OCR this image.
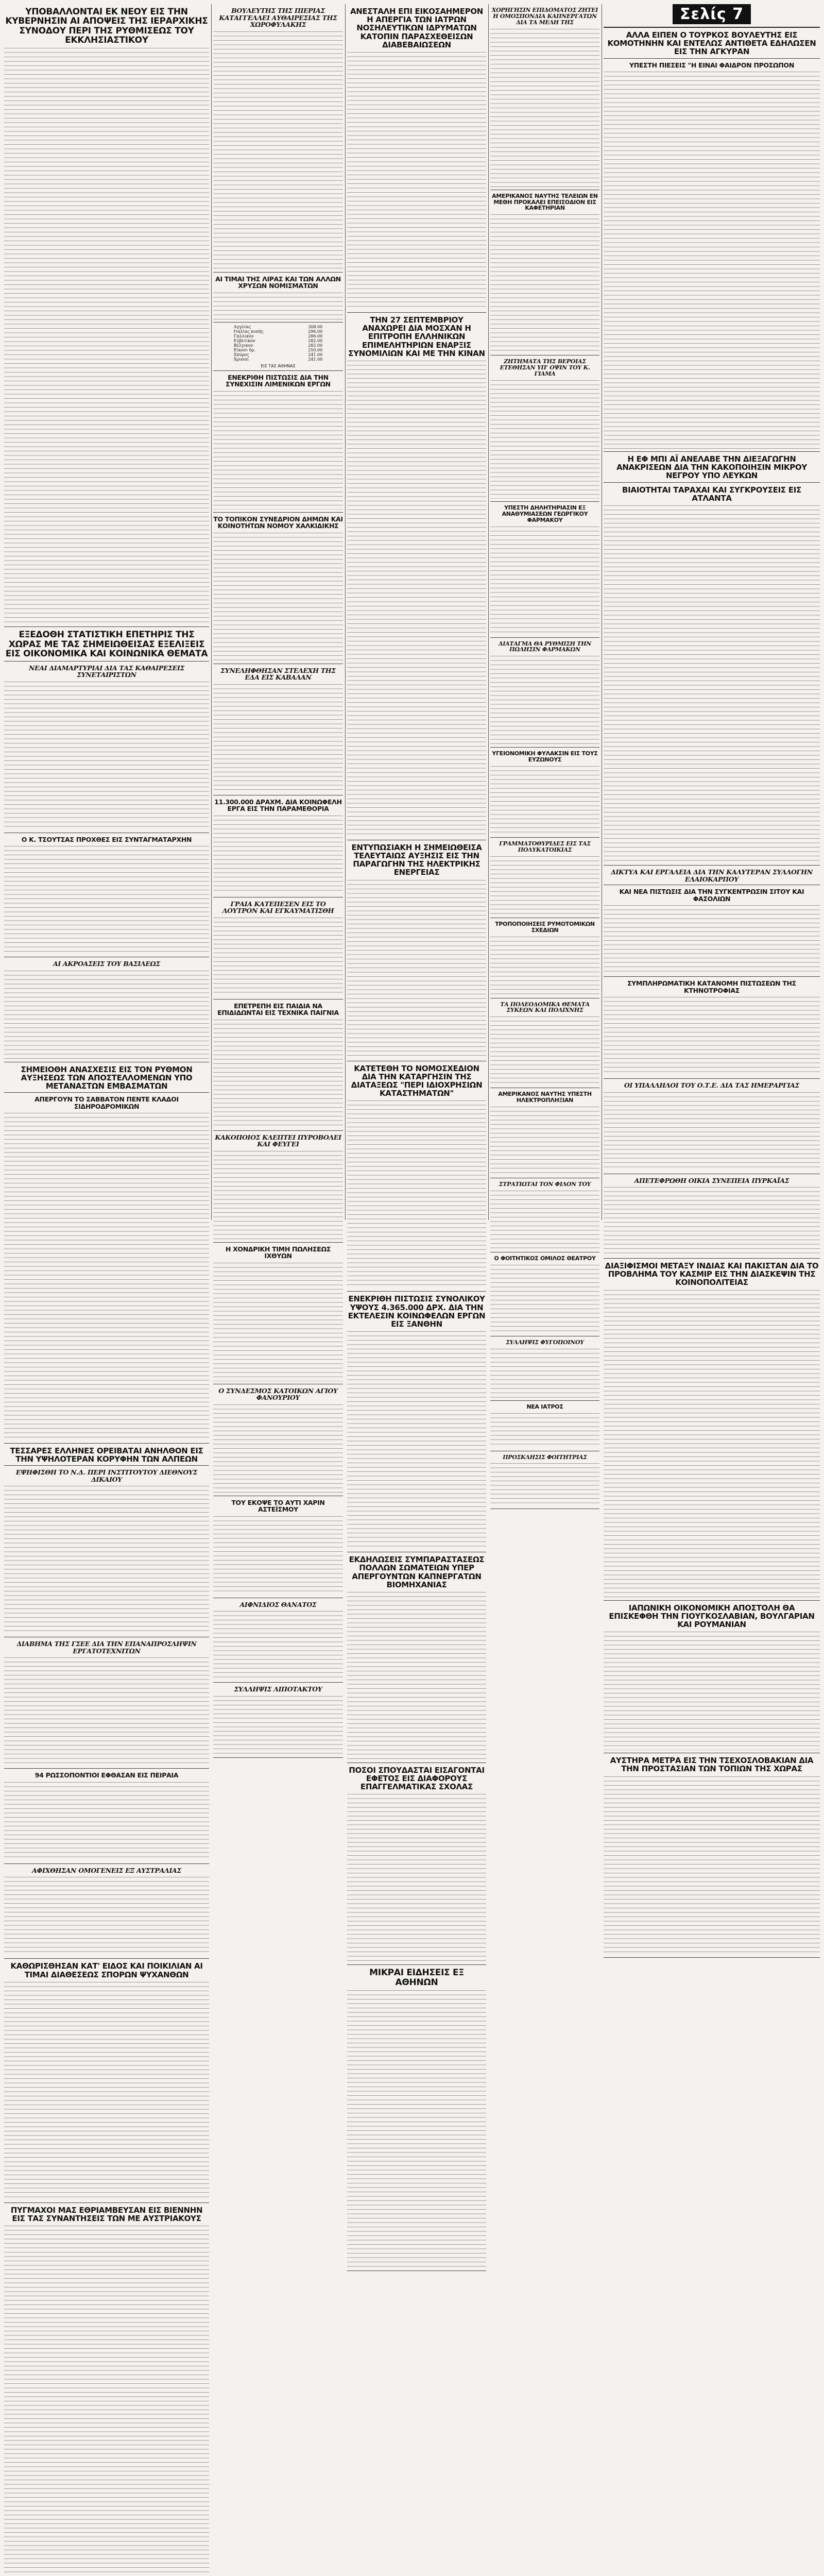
ΥΠΟΒΑΛΛΟΝΤΑΙ ΕΚ ΝΕΟΥ ΕΙΣ ΤΗΝ ΚΥΒΕΡΝΗΣΙΝ ΑΙ ΑΠΟΨΕΙΣ ΤΗΣ ΙΕΡΑΡΧΙΚΗΣ ΣΥΝΟΔΟΥ ΠΕΡΙ ΤΗΣ ΡΥΘΜΙΣΕΩΣ ΤΟΥ ΕΚΚΛΗΣΙΑΣΤΙΚΟΥ
ΕΞΕΔΟΘΗ ΣΤΑΤΙΣΤΙΚΗ ΕΠΕΤΗΡΙΣ ΤΗΣ ΧΩΡΑΣ ΜΕ ΤΑΣ ΣΗΜΕΙΩΘΕΙΣΑΣ ΕΞΕΛΙΞΕΙΣ ΕΙΣ ΟΙΚΟΝΟΜΙΚΑ ΚΑΙ ΚΟΙΝΩΝΙΚΑ ΘΕΜΑΤΑ
ΝΕΑΙ ΔΙΑΜΑΡΤΥΡΙΑΙ ΔΙΑ ΤΑΣ ΚΑΘΑΙΡΕΣΕΙΣ ΣΥΝΕΤΑΙΡΙΣΤΩΝ
Ο Κ. ΤΣΟΥΤΣΑΣ ΠΡΟΧΘΕΣ ΕΙΣ ΣΥΝΤΑΓΜΑΤΑΡΧΗΝ
ΑΙ ΑΚΡΟΑΣΕΙΣ ΤΟΥ ΒΑΣΙΛΕΩΣ
ΣΗΜΕΙΟΘΗ ΑΝΑΣΧΕΣΙΣ ΕΙΣ ΤΟΝ ΡΥΘΜΟΝ ΑΥΞΗΣΕΩΣ ΤΩΝ ΑΠΟΣΤΕΛΛΟΜΕΝΩΝ ΥΠΟ ΜΕΤΑΝΑΣΤΩΝ ΕΜΒΑΣΜΑΤΩΝ
ΑΠΕΡΓΟΥΝ ΤΟ ΣΑΒΒΑΤΟΝ ΠΕΝΤΕ ΚΛΑΔΟΙ ΣΙΔΗΡΟΔΡΟΜΙΚΩΝ
ΤΕΣΣΑΡΕΣ ΕΛΛΗΝΕΣ ΟΡΕΙΒΑΤΑΙ ΑΝΗΛΘΟΝ ΕΙΣ ΤΗΝ ΥΨΗΛΟΤΕΡΑΝ ΚΟΡΥΦΗΝ ΤΩΝ ΑΛΠΕΩΝ
ΕΨΗΦΙΣΘΗ ΤΟ Ν.Δ. ΠΕΡΙ ΙΝΣΤΙΤΟΥΤΟΥ ΔΙΕΘΝΟΥΣ ΔΙΚΑΙΟΥ
ΔΙΑΒΗΜΑ ΤΗΣ ΓΣΕΕ ΔΙΑ ΤΗΝ ΕΠΑΝΑΠΡΟΣΛΗΨΙΝ ΕΡΓΑΤΟΤΕΧΝΙΤΩΝ
94 ΡΩΣΣΟΠΟΝΤΙΟΙ ΕΦΘΑΣΑΝ ΕΙΣ ΠΕΙΡΑΙΑ
ΑΦΙΧΘΗΣΑΝ ΟΜΟΓΕΝΕΙΣ ΕΞ ΑΥΣΤΡΑΛΙΑΣ
ΚΑΘΩΡΙΣΘΗΣΑΝ ΚΑΤ' ΕΙΔΟΣ ΚΑΙ ΠΟΙΚΙΛΙΑΝ ΑΙ ΤΙΜΑΙ ΔΙΑΘΕΣΕΩΣ ΣΠΟΡΩΝ ΨΥΧΑΝΘΩΝ
ΠΥΓΜΑΧΟΙ ΜΑΣ ΕΘΡΙΑΜΒΕΥΣΑΝ ΕΙΣ ΒΙΕΝΝΗΝ ΕΙΣ ΤΑΣ ΣΥΝΑΝΤΗΣΕΙΣ ΤΩΝ ΜΕ ΑΥΣΤΡΙΑΚΟΥΣ
ΒΟΥΛΕΥΤΗΣ ΤΗΣ ΠΙΕΡΙΑΣ ΚΑΤΑΓΓΕΛΛΕΙ ΑΥΘΑΙΡΕΣΙΑΣ ΤΗΣ ΧΩΡΟΦΥΛΑΚΗΣ
ΑΙ ΤΙΜΑΙ ΤΗΣ ΛΙΡΑΣ ΚΑΙ ΤΩΝ ΑΛΛΩΝ ΧΡΥΣΩΝ ΝΟΜΙΣΜΑΤΩΝ
Αγγλίας	308.00
Ιταλίας κοπής	296.00
Γαλλικόν	286.00
Ελβετικόν	282.00
Βέλγικον	282.00
Είκοσι δρ.	250.00
Σκύρος	241.00
Χρυσαί	241.00
ΕΙΣ ΤΑΣ ΑΘΗΝΑΣ
ΕΝΕΚΡΙΘΗ ΠΙΣΤΩΣΙΣ ΔΙΑ ΤΗΝ ΣΥΝΕΧΙΣΙΝ ΛΙΜΕΝΙΚΩΝ ΕΡΓΩΝ
ΤΟ ΤΟΠΙΚΟΝ ΣΥΝΕΔΡΙΟΝ ΔΗΜΩΝ ΚΑΙ ΚΟΙΝΟΤΗΤΩΝ ΝΟΜΟΥ ΧΑΛΚΙΔΙΚΗΣ
ΣΥΝΕΛΗΦΘΗΣΑΝ ΣΤΕΛΕΧΗ ΤΗΣ ΕΔΑ ΕΙΣ ΚΑΒΑΛΑΝ
11.300.000 ΔΡΑΧΜ. ΔΙΑ ΚΟΙΝΩΦΕΛΗ ΕΡΓΑ ΕΙΣ ΤΗΝ ΠΑΡΑΜΕΘΟΡΙΑ
ΓΡΑΙΑ ΚΑΤΕΠΕΣΕΝ ΕΙΣ ΤΟ ΛΟΥΤΡΟΝ ΚΑΙ ΕΓΚΑΥΜΑΤΙΣΘΗ
ΕΠΕΤΡΕΠΗ ΕΙΣ ΠΑΙΔΙΑ ΝΑ ΕΠΙΔΙΔΩΝΤΑΙ ΕΙΣ ΤΕΧΝΙΚΑ ΠΑΙΓΝΙΑ
ΚΑΚΟΠΟΙΟΣ ΚΛΕΠΤΕΙ ΠΥΡΟΒΟΛΕΙ ΚΑΙ ΦΕΥΓΕΙ
Η ΧΟΝΔΡΙΚΗ ΤΙΜΗ ΠΩΛΗΣΕΩΣ ΙΧΘΥΩΝ
Ο ΣΥΝΔΕΣΜΟΣ ΚΑΤΟΙΚΩΝ ΑΓΙΟΥ ΦΑΝΟΥΡΙΟΥ
ΤΟΥ ΕΚΟΨΕ ΤΟ ΑΥΤΙ ΧΑΡΙΝ ΑΣΤΕΪΣΜΟΥ
ΑΙΦΝΙΔΙΟΣ ΘΑΝΑΤΟΣ
ΣΥΛΛΗΨΙΣ ΛΙΠΟΤΑΚΤΟΥ
ΑΝΕΣΤΑΛΗ ΕΠΙ ΕΙΚΟΣΑΗΜΕΡΟΝ Η ΑΠΕΡΓΙΑ ΤΩΝ ΙΑΤΡΩΝ ΝΟΣΗΛΕΥΤΙΚΩΝ ΙΔΡΥΜΑΤΩΝ ΚΑΤΟΠΙΝ ΠΑΡΑΣΧΕΘΕΙΣΩΝ ΔΙΑΒΕΒΑΙΩΣΕΩΝ
ΤΗΝ 27 ΣΕΠΤΕΜΒΡΙΟΥ ΑΝΑΧΩΡΕΙ ΔΙΑ ΜΟΣΧΑΝ Η ΕΠΙΤΡΟΠΗ ΕΛΛΗΝΙΚΩΝ ΕΠΙΜΕΛΗΤΗΡΙΩΝ ΕΝΑΡΞΙΣ ΣΥΝΟΜΙΛΙΩΝ ΚΑΙ ΜΕ ΤΗΝ ΚΙΝΑΝ
ΕΝΤΥΠΩΣΙΑΚΗ Η ΣΗΜΕΙΩΘΕΙΣΑ ΤΕΛΕΥΤΑΙΩΣ ΑΥΞΗΣΙΣ ΕΙΣ ΤΗΝ ΠΑΡΑΓΩΓΗΝ ΤΗΣ ΗΛΕΚΤΡΙΚΗΣ ΕΝΕΡΓΕΙΑΣ
ΚΑΤΕΤΕΘΗ ΤΟ ΝΟΜΟΣΧΕΔΙΟΝ ΔΙΑ ΤΗΝ ΚΑΤΑΡΓΗΣΙΝ ΤΗΣ ΔΙΑΤΑΞΕΩΣ "ΠΕΡΙ ΙΔΙΟΧΡΗΣΙΩΝ ΚΑΤΑΣΤΗΜΑΤΩΝ"
ΕΝΕΚΡΙΘΗ ΠΙΣΤΩΣΙΣ ΣΥΝΟΛΙΚΟΥ ΥΨΟΥΣ 4.365.000 ΔΡΧ. ΔΙΑ ΤΗΝ ΕΚΤΕΛΕΣΙΝ ΚΟΙΝΩΦΕΛΩΝ ΕΡΓΩΝ ΕΙΣ ΞΑΝΘΗΝ
ΕΚΔΗΛΩΣΕΙΣ ΣΥΜΠΑΡΑΣΤΑΣΕΩΣ ΠΟΛΛΩΝ ΣΩΜΑΤΕΙΩΝ ΥΠΕΡ ΑΠΕΡΓΟΥΝΤΩΝ ΚΑΠΝΕΡΓΑΤΩΝ ΒΙΟΜΗΧΑΝΙΑΣ
ΠΟΣΟΙ ΣΠΟΥΔΑΣΤΑΙ ΕΙΣΑΓΟΝΤΑΙ ΕΦΕΤΟΣ ΕΙΣ ΔΙΑΦΟΡΟΥΣ ΕΠΑΓΓΕΛΜΑΤΙΚΑΣ ΣΧΟΛΑΣ
ΜΙΚΡΑΙ ΕΙΔΗΣΕΙΣ ΕΞ ΑΘΗΝΩΝ
ΧΟΡΗΓΗΣΙΝ ΕΠΙΔΟΜΑΤΟΣ ΖΗΤΕΙ Η ΟΜΟΣΠΟΝΔΙΑ ΚΑΠΝΕΡΓΑΤΩΝ ΔΙΑ ΤΑ ΜΕΛΗ ΤΗΣ
ΑΜΕΡΙΚΑΝΟΣ ΝΑΥΤΗΣ ΤΕΛΕΙΩΝ ΕΝ ΜΕΘΗ ΠΡΟΚΑΛΕΙ ΕΠΕΙΣΟΔΙΟΝ ΕΙΣ ΚΑΦΕΤΗΡΙΑΝ
ΖΗΤΗΜΑΤΑ ΤΗΣ ΒΕΡΟΙΑΣ ΕΤΕΘΗΣΑΝ ΥΠ' ΟΨΙΝ ΤΟΥ Κ. ΓΙΑΜΑ
ΥΠΕΣΤΗ ΔΗΛΗΤΗΡΙΑΣΙΝ ΕΞ ΑΝΑΘΥΜΙΑΣΕΩΝ ΓΕΩΡΓΙΚΟΥ ΦΑΡΜΑΚΟΥ
ΔΙΑΤΑΓΜΑ ΘΑ ΡΥΘΜΙΣΗ ΤΗΝ ΠΩΛΗΣΙΝ ΦΑΡΜΑΚΩΝ
ΥΓΕΙΟΝΟΜΙΚΗ ΦΥΛΑΚΣΙΝ ΕΙΣ ΤΟΥΣ ΕΥΖΩΝΟΥΣ
ΓΡΑΜΜΑΤΟΘΥΡΙΔΕΣ ΕΙΣ ΤΑΣ ΠΟΛΥΚΑΤΟΙΚΙΑΣ
ΤΡΟΠΟΠΟΙΗΣΕΙΣ ΡΥΜΟΤΟΜΙΚΩΝ ΣΧΕΔΙΩΝ
ΤΑ ΠΟΛΕΟΔΟΜΙΚΑ ΘΕΜΑΤΑ ΣΥΚΕΩΝ ΚΑΙ ΠΟΛΙΧΝΗΣ
ΑΜΕΡΙΚΑΝΟΣ ΝΑΥΤΗΣ ΥΠΕΣΤΗ ΗΛΕΚΤΡΟΠΛΗΞΙΑΝ
ΣΤΡΑΤΙΩΤΑΙ ΤΟΝ ΦΙΛΟΝ ΤΟΥ
Ο ΦΟΙΤΗΤΙΚΟΣ ΟΜΙΛΟΣ ΘΕΑΤΡΟΥ
ΣΥΛΛΗΨΙΣ ΦΥΓΟΠΟΙΝΟΥ
ΝΕΑ ΙΑΤΡΟΣ
ΠΡΟΣΚΛΗΣΙΣ ΦΟΙΤΗΤΡΙΑΣ
Σελίς 7
ΑΛΛΑ ΕΙΠΕΝ Ο ΤΟΥΡΚΟΣ ΒΟΥΛΕΥΤΗΣ ΕΙΣ ΚΟΜΟΤΗΝΗΝ ΚΑΙ ΕΝΤΕΛΩΣ ΑΝΤΙΘΕΤΑ ΕΔΗΛΩΣΕΝ ΕΙΣ ΤΗΝ ΑΓΚΥΡΑΝ
ΥΠΕΣΤΗ ΠΙΕΣΕΙΣ "Η ΕΙΝΑΙ ΦΑΙΔΡΟΝ ΠΡΟΣΩΠΟΝ
Η ΕΦ ΜΠΙ ΑΪ ΑΝΕΛΑΒΕ ΤΗΝ ΔΙΕΞΑΓΩΓΗΝ ΑΝΑΚΡΙΣΕΩΝ ΔΙΑ ΤΗΝ ΚΑΚΟΠΟΙΗΣΙΝ ΜΙΚΡΟΥ ΝΕΓΡΟΥ ΥΠΟ ΛΕΥΚΩΝ
ΒΙΑΙΟΤΗΤΑΙ ΤΑΡΑΧΑΙ ΚΑΙ ΣΥΓΚΡΟΥΣΕΙΣ ΕΙΣ ΑΤΛΑΝΤΑ
ΔΙΚΤΥΑ ΚΑΙ ΕΡΓΑΛΕΙΑ ΔΙΑ ΤΗΝ ΚΑΛΥΤΕΡΑΝ ΣΥΛΛΟΓΗΝ ΕΛΑΙΟΚΑΡΠΟΥ
ΚΑΙ ΝΕΑ ΠΙΣΤΩΣΙΣ ΔΙΑ ΤΗΝ ΣΥΓΚΕΝΤΡΩΣΙΝ ΣΙΤΟΥ ΚΑΙ ΦΑΣΟΛΙΩΝ
ΣΥΜΠΛΗΡΩΜΑΤΙΚΗ ΚΑΤΑΝΟΜΗ ΠΙΣΤΩΣΕΩΝ ΤΗΣ ΚΤΗΝΟΤΡΟΦΙΑΣ
ΟΙ ΥΠΑΛΛΗΛΟΙ ΤΟΥ Ο.Τ.Ε. ΔΙΑ ΤΑΣ ΗΜΕΡΑΡΓΙΑΣ
ΑΠΕΤΕΦΡΩΘΗ ΟΙΚΙΑ ΣΥΝΕΠΕΙΑ ΠΥΡΚΑΪΑΣ
ΔΙΑΞΙΦΙΣΜΟΙ ΜΕΤΑΞΥ ΙΝΔΙΑΣ ΚΑΙ ΠΑΚΙΣΤΑΝ ΔΙΑ ΤΟ ΠΡΟΒΛΗΜΑ ΤΟΥ ΚΑΣΜΙΡ ΕΙΣ ΤΗΝ ΔΙΑΣΚΕΨΙΝ ΤΗΣ ΚΟΙΝΟΠΟΛΙΤΕΙΑΣ
ΙΑΠΩΝΙΚΗ ΟΙΚΟΝΟΜΙΚΗ ΑΠΟΣΤΟΛΗ ΘΑ ΕΠΙΣΚΕΦΘΗ ΤΗΝ ΓΙΟΥΓΚΟΣΛΑΒΙΑΝ, ΒΟΥΛΓΑΡΙΑΝ ΚΑΙ ΡΟΥΜΑΝΙΑΝ
ΑΥΣΤΗΡΑ ΜΕΤΡΑ ΕΙΣ ΤΗΝ ΤΣΕΧΟΣΛΟΒΑΚΙΑΝ ΔΙΑ ΤΗΝ ΠΡΟΣΤΑΣΙΑΝ ΤΩΝ ΤΟΠΙΩΝ ΤΗΣ ΧΩΡΑΣ
